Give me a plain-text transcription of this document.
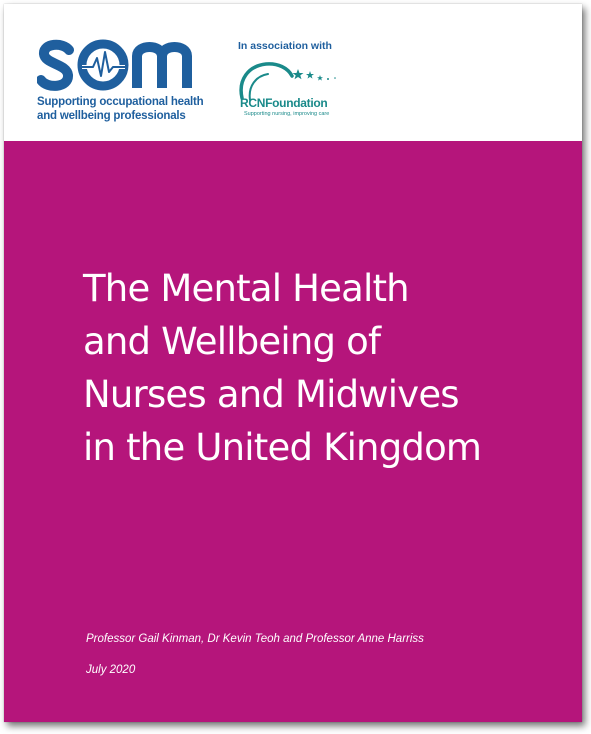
Supporting occupational health
and wellbeing professionals
In association with
RCNFoundation
Supporting nursing, improving care
The Mental Health
and Wellbeing of
Nurses and Midwives
in the United Kingdom
Professor Gail Kinman, Dr Kevin Teoh and Professor Anne Harriss
July 2020
